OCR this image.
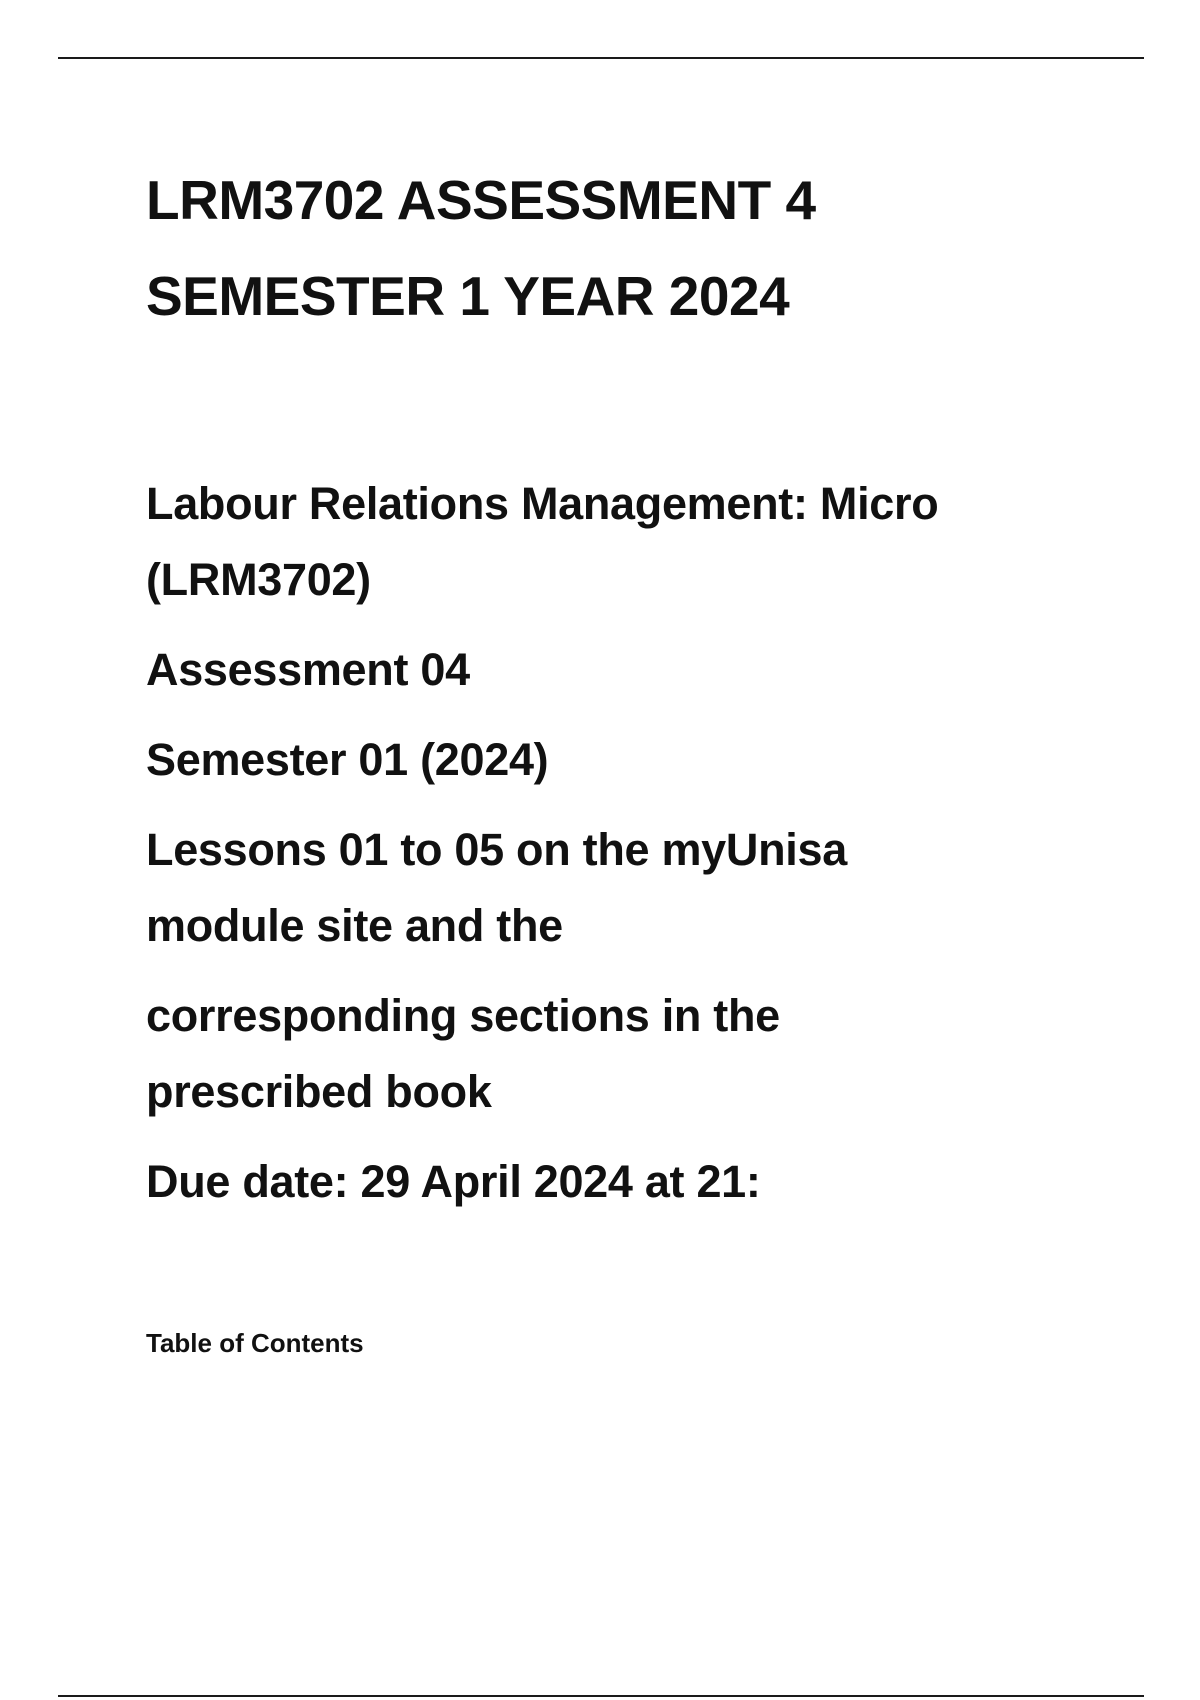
LRM3702 ASSESSMENT 4
SEMESTER 1 YEAR 2024

Labour Relations Management: Micro

(LRM3702)

Assessment 04

Semester 01 (2024)

Lessons 01 to 05 on the myUnisa

module site and the

corresponding sections in the

prescribed book

Due date: 29 April 2024 at 21:

Table of Contents
